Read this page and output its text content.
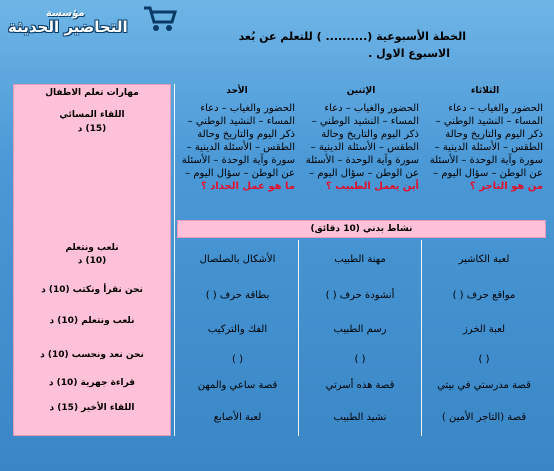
مؤسسة
التحاضير الحديثة
الخطة الأسبوعية (.......... ) للتعلم عن بُعد
الاسبوع الاول .
مهارات تعلم الاطفال
اللقاء المسائي
(15) د
نلعب ونتعلم
(10) د
نحن نقرأ ونكتب (10) د
نلعب ونتعلم (10) د
نحن نعد ونحسب (10) د
قراءة جهرية (10) د
اللقاء الأخير (15) د
الأحد
الحضور والغياب – دعاء المساء – النشيد الوطني – ذكر اليوم والتاريخ وحالة الطقس – الأسئلة الدينية – سورة وآية الوحدة – الأسئلة عن الوطن – سؤال اليوم – ما هو عمل الحداد ؟
الإثنين
الحضور والغياب – دعاء المساء – النشيد الوطني – ذكر اليوم والتاريخ وحالة الطقس – الأسئلة الدينية – سورة وآية الوحدة – الأسئلة عن الوطن – سؤال اليوم – أين يعمل الطبيب ؟
الثلاثاء
الحضور والغياب – دعاء المساء – النشيد الوطني – ذكر اليوم والتاريخ وحالة الطقس – الأسئلة الدينية – سورة وآية الوحدة – الأسئلة عن الوطن – سؤال اليوم – من هو التاجر ؟
نشاط بدني (10 دقائق)
الأشكال بالصلصال
بطاقة حرف ( )
الفك والتركيب
( )
قصة ساعي والمهن
لعبة الأصابع
مهنة الطبيب
أنشودة حرف ( )
رسم الطبيب
( )
قصة هذه أسرتي
نشيد الطبيب
لعبة الكاشير
مواقع حرف ( )
لعبة الخرز
( )
قصة مدرستي في بيتي
قصة (التاجر الأمين )
